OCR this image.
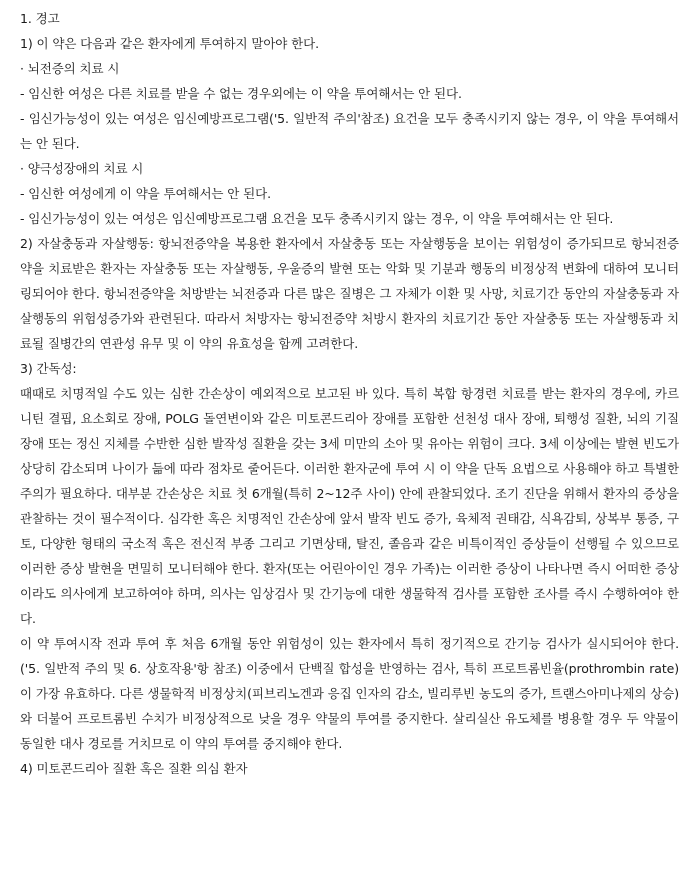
1. 경고

1) 이 약은 다음과 같은 환자에게 투여하지 말아야 한다.

· 뇌전증의 치료 시

- 임신한 여성은 다른 치료를 받을 수 없는 경우외에는 이 약을 투여해서는 안 된다.

- 임신가능성이 있는 여성은 임신예방프로그램('5. 일반적 주의'참조) 요건을 모두 충족시키지 않는 경우, 이 약을 투여해서는 안 된다.

· 양극성장애의 치료 시

- 임신한 여성에게 이 약을 투여해서는 안 된다.

- 임신가능성이 있는 여성은 임신예방프로그램 요건을 모두 충족시키지 않는 경우, 이 약을 투여해서는 안 된다.

2) 자살충동과 자살행동: 항뇌전증약을 복용한 환자에서 자살충동 또는 자살행동을 보이는 위험성이 증가되므로 항뇌전증약을 치료받은 환자는 자살충동 또는 자살행동, 우울증의 발현 또는 악화 및 기분과 행동의 비정상적 변화에 대하여 모니터링되어야 한다. 항뇌전증약을 처방받는 뇌전증과 다른 많은 질병은 그 자체가 이환 및 사망, 치료기간 동안의 자살충동과 자살행동의 위험성증가와 관련된다. 따라서 처방자는 항뇌전증약 처방시 환자의 치료기간 동안 자살충동 또는 자살행동과 치료될 질병간의 연관성 유무 및 이 약의 유효성을 함께 고려한다.

3) 간독성:

때때로 치명적일 수도 있는 심한 간손상이 예외적으로 보고된 바 있다. 특히 복합 항경련 치료를 받는 환자의 경우에, 카르니틴 결핍, 요소회로 장애, POLG 돌연변이와 같은 미토콘드리아 장애를 포함한 선천성 대사 장애, 퇴행성 질환, 뇌의 기질 장애 또는 정신 지체를 수반한 심한 발작성 질환을 갖는 3세 미만의 소아 및 유아는 위험이 크다. 3세 이상에는 발현 빈도가 상당히 감소되며 나이가 듦에 따라 점차로 줄어든다. 이러한 환자군에 투여 시 이 약을 단독 요법으로 사용해야 하고 특별한 주의가 필요하다. 대부분 간손상은 치료 첫 6개월(특히 2~12주 사이) 안에 관찰되었다. 조기 진단을 위해서 환자의 증상을 관찰하는 것이 필수적이다. 심각한 혹은 치명적인 간손상에 앞서 발작 빈도 증가, 육체적 권태감, 식욕감퇴, 상복부 통증, 구토, 다양한 형태의 국소적 혹은 전신적 부종 그리고 기면상태, 탈진, 졸음과 같은 비특이적인 증상들이 선행될 수 있으므로 이러한 증상 발현을 면밀히 모니터해야 한다. 환자(또는 어린아이인 경우 가족)는 이러한 증상이 나타나면 즉시 어떠한 증상이라도 의사에게 보고하여야 하며, 의사는 임상검사 및 간기능에 대한 생물학적 검사를 포함한 조사를 즉시 수행하여야 한다.

이 약 투여시작 전과 투여 후 처음 6개월 동안 위험성이 있는 환자에서 특히 정기적으로 간기능 검사가 실시되어야 한다. ('5. 일반적 주의 및 6. 상호작용'항 참조) 이중에서 단백질 합성을 반영하는 검사, 특히 프로트롬빈율(prothrombin rate)이 가장 유효하다. 다른 생물학적 비정상치(피브리노겐과 응집 인자의 감소, 빌리루빈 농도의 증가, 트랜스아미나제의 상승)와 더불어 프로트롬빈 수치가 비정상적으로 낮을 경우 약물의 투여를 중지한다. 살리실산 유도체를 병용할 경우 두 약물이 동일한 대사 경로를 거치므로 이 약의 투여를 중지해야 한다.

4) 미토콘드리아 질환 혹은 질환 의심 환자
